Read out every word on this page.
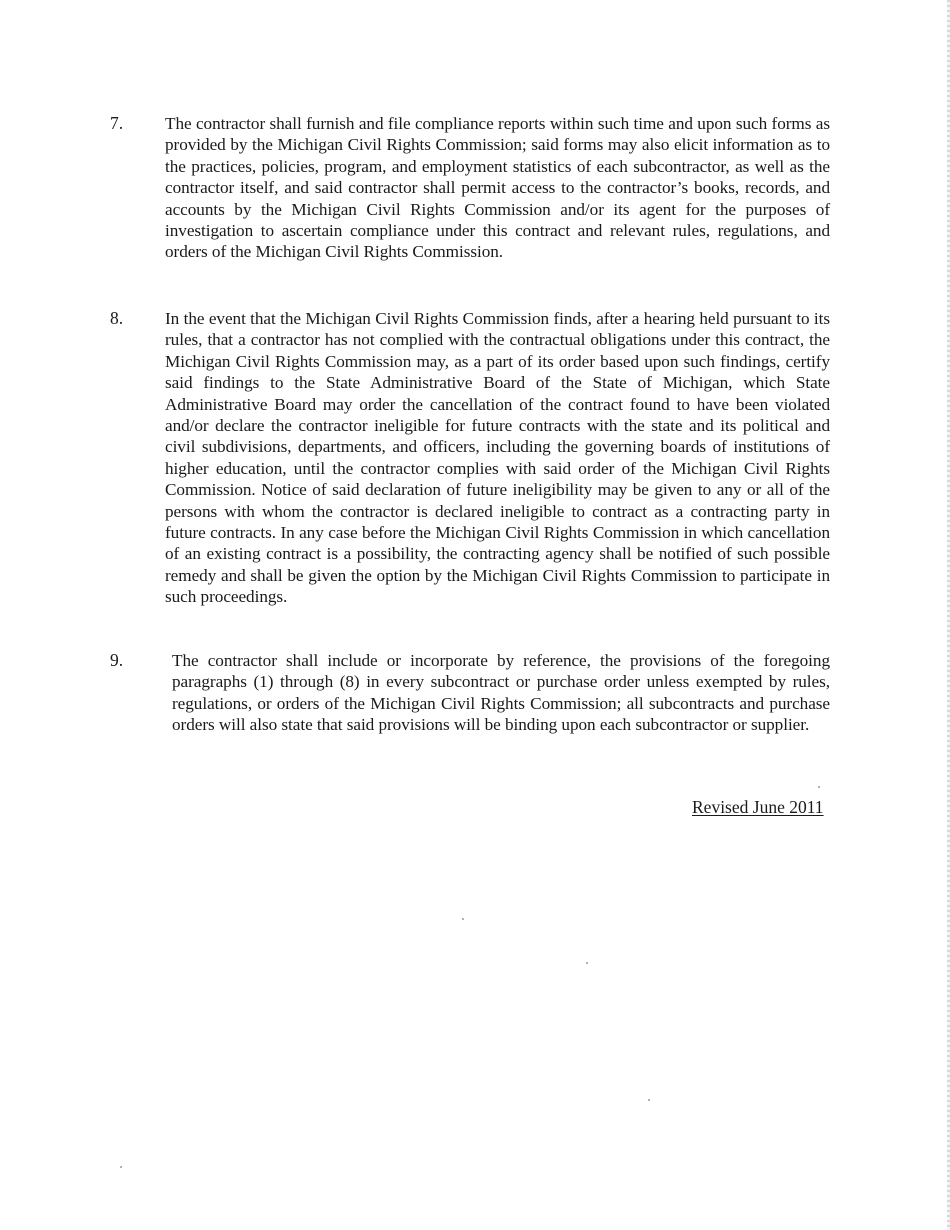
7. The contractor shall furnish and file compliance reports within such time and upon such forms as provided by the Michigan Civil Rights Commission; said forms may also elicit information as to the practices, policies, program, and employment statistics of each subcontractor, as well as the contractor itself, and said contractor shall permit access to the contractor’s books, records, and accounts by the Michigan Civil Rights Commission and/or its agent for the purposes of investigation to ascertain compliance under this contract and relevant rules, regulations, and orders of the Michigan Civil Rights Commission.
8. In the event that the Michigan Civil Rights Commission finds, after a hearing held pursuant to its rules, that a contractor has not complied with the contractual obligations under this contract, the Michigan Civil Rights Commission may, as a part of its order based upon such findings, certify said findings to the State Administrative Board of the State of Michigan, which State Administrative Board may order the cancellation of the contract found to have been violated and/or declare the contractor ineligible for future contracts with the state and its political and civil subdivisions, departments, and officers, including the governing boards of institutions of higher education, until the contractor complies with said order of the Michigan Civil Rights Commission. Notice of said declaration of future ineligibility may be given to any or all of the persons with whom the contractor is declared ineligible to contract as a contracting party in future contracts. In any case before the Michigan Civil Rights Commission in which cancellation of an existing contract is a possibility, the contracting agency shall be notified of such possible remedy and shall be given the option by the Michigan Civil Rights Commission to participate in such proceedings.
9.	The contractor shall include or incorporate by reference, the provisions of the foregoing paragraphs (1) through (8) in every subcontract or purchase order unless exempted by rules, regulations, or orders of the Michigan Civil Rights Commission; all subcontracts and purchase orders will also state that said provisions will be binding upon each subcontractor or supplier.
Revised June 2011
